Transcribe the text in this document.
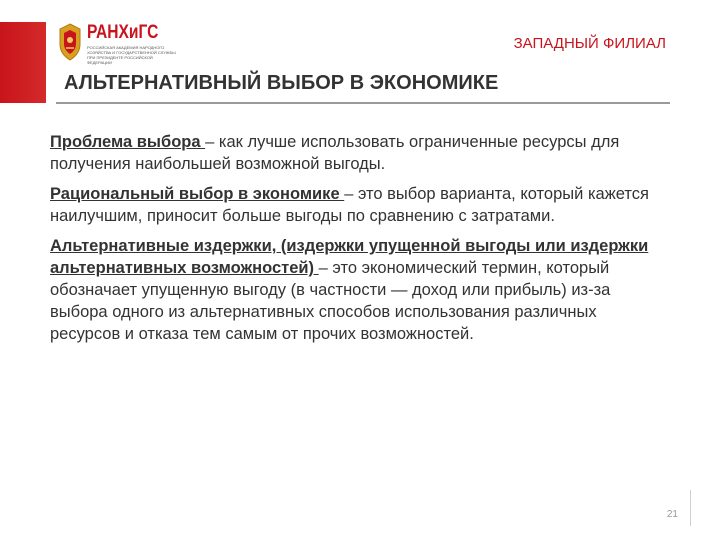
РАНХиГС
РОССИЙСКАЯ АКАДЕМИЯ НАРОДНОГО ХОЗЯЙСТВА И ГОСУДАРСТВЕННОЙ СЛУЖБЫ ПРИ ПРЕЗИДЕНТЕ РОССИЙСКОЙ ФЕДЕРАЦИИ
ЗАПАДНЫЙ ФИЛИАЛ
АЛЬТЕРНАТИВНЫЙ ВЫБОР В ЭКОНОМИКЕ

Проблема выбора – как лучше использовать ограниченные ресурсы для получения наибольшей возможной выгоды.

Рациональный выбор в экономике – это выбор варианта, который кажется наилучшим, приносит больше выгоды по сравнению с затратами.

Альтернативные издержки, (издержки упущенной выгоды или издержки альтернативных возможностей) – это экономический термин, который обозначает упущенную выгоду (в частности — доход или прибыль) из-за выбора одного из альтернативных способов использования различных ресурсов и отказа тем самым от прочих возможностей.

21
